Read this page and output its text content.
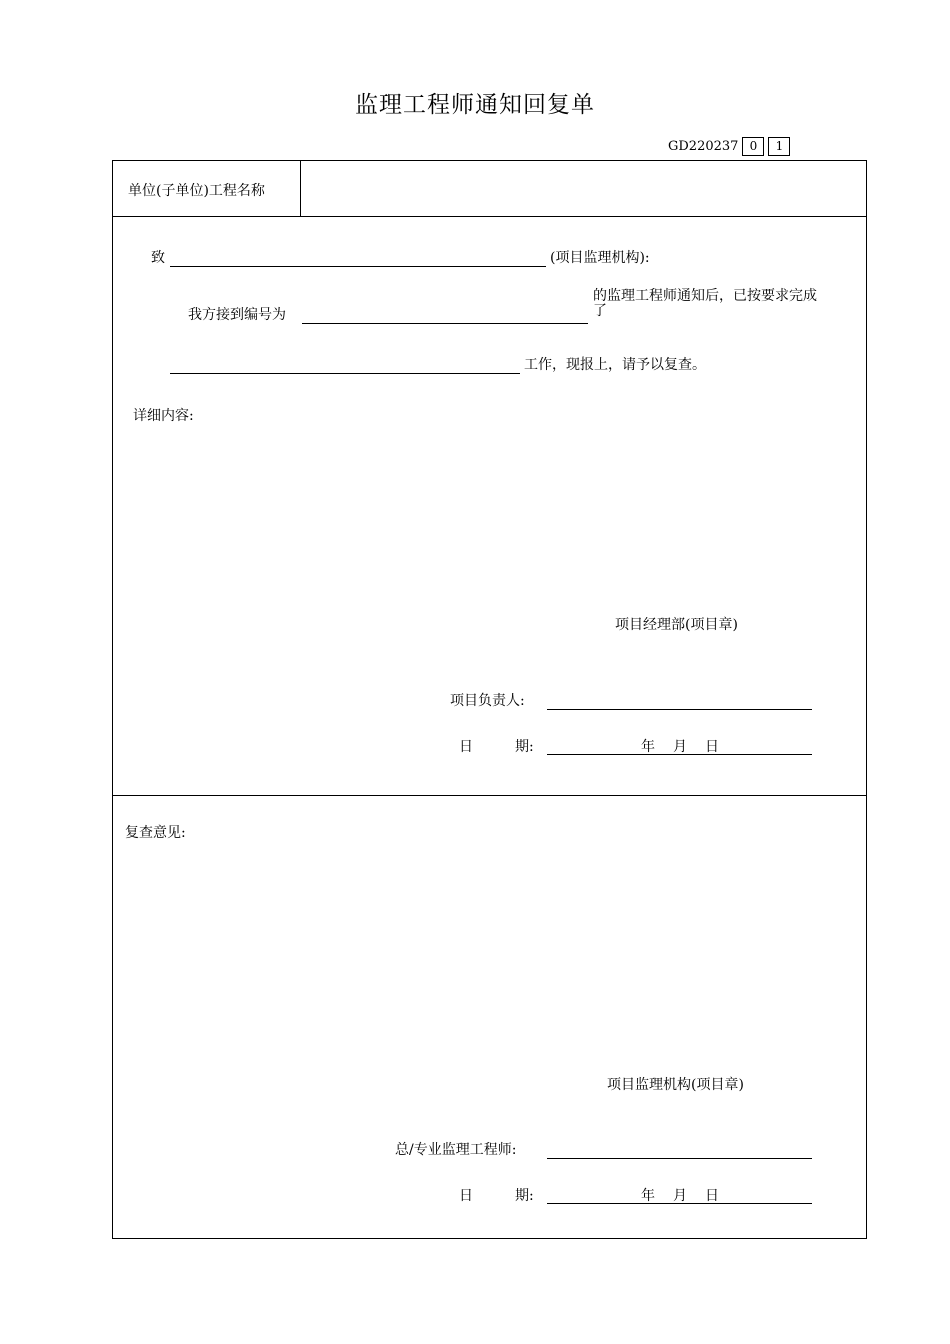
监理工程师通知回复单
GD220237 0	1
单位(子单位)工程名称
致	(项目监理机构):
我方接到编号为
的监理工程师通知后，已按要求完成
了
工作，现报上，请予以复查。
详细内容:
项目经理部(项目章)
项目负责人:
日	期:	年 月 日
复查意见:
项目监理机构(项目章)
总/专业监理工程师:
日	期:	年 月 日
